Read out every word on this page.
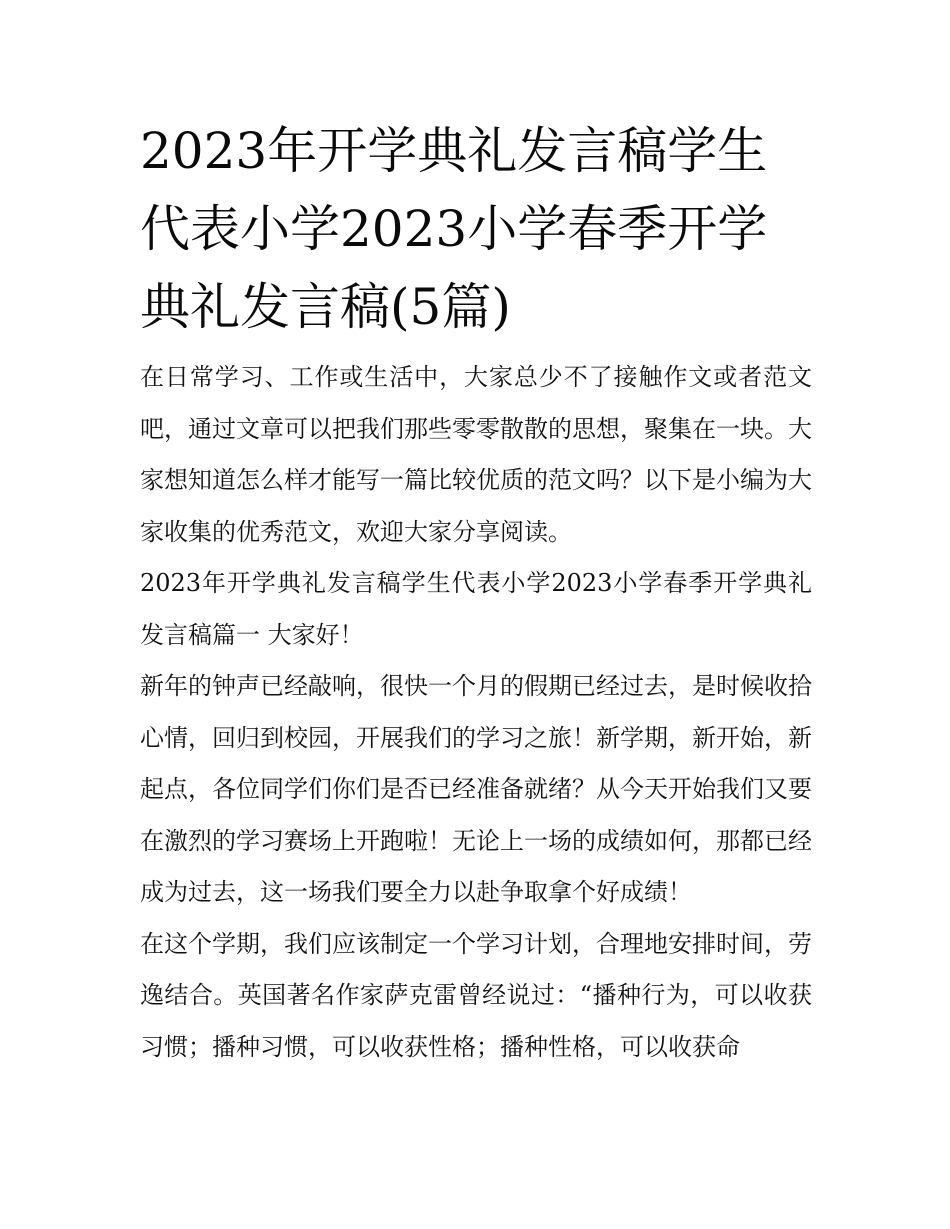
2023年开学典礼发言稿学生代表小学2023小学春季开学典礼发言稿(5篇)

在日常学习、工作或生活中，大家总少不了接触作文或者范文吧，通过文章可以把我们那些零零散散的思想，聚集在一块。大家想知道怎么样才能写一篇比较优质的范文吗？以下是小编为大家收集的优秀范文，欢迎大家分享阅读。

2023年开学典礼发言稿学生代表小学2023小学春季开学典礼发言稿篇一 大家好！

新年的钟声已经敲响，很快一个月的假期已经过去，是时候收拾心情，回归到校园，开展我们的学习之旅！新学期，新开始，新起点，各位同学们你们是否已经准备就绪？从今天开始我们又要在激烈的学习赛场上开跑啦！无论上一场的成绩如何，那都已经成为过去，这一场我们要全力以赴争取拿个好成绩！

在这个学期，我们应该制定一个学习计划，合理地安排时间，劳逸结合。英国著名作家萨克雷曾经说过：“播种行为，可以收获习惯；播种习惯，可以收获性格；播种性格，可以收获命
